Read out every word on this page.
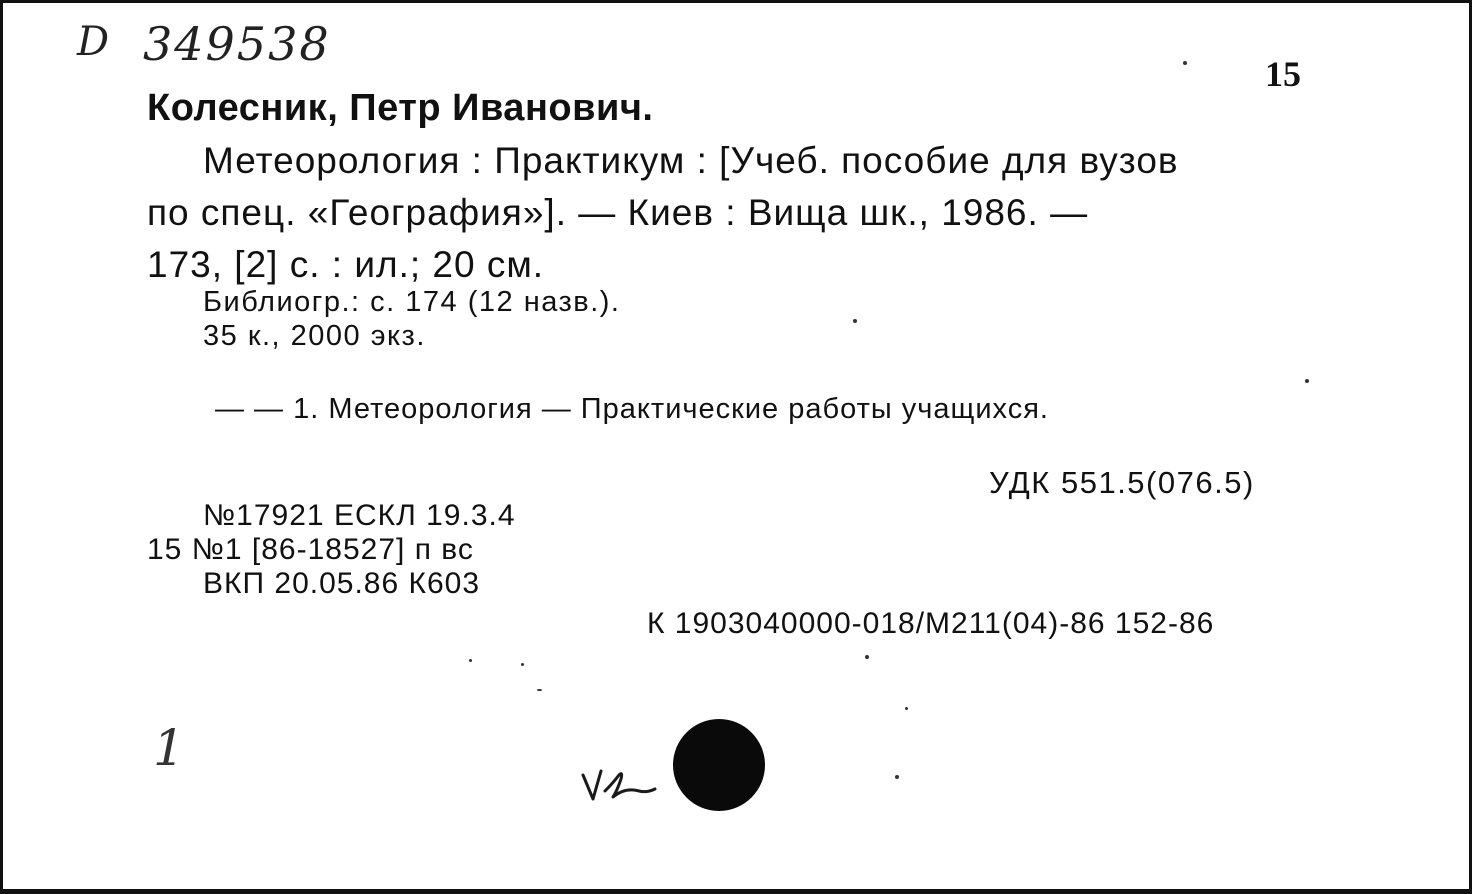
D 349538
15
Колесник, Петр Иванович.
Метеорология : Практикум : [Учеб. пособие для вузов
по спец. «География»]. — Киев : Вища шк., 1986. —
173, [2] с. : ил.; 20 см.
Библиогр.: с. 174 (12 назв.).
35 к., 2000 экз.
— — 1. Метеорология — Практические работы учащихся.
УДК 551.5(076.5)
№17921 ЕСКЛ 19.3.4
15 №1 [86-18527] п вс
ВКП 20.05.86 К603
К 1903040000-018/М211(04)-86 152-86
1
